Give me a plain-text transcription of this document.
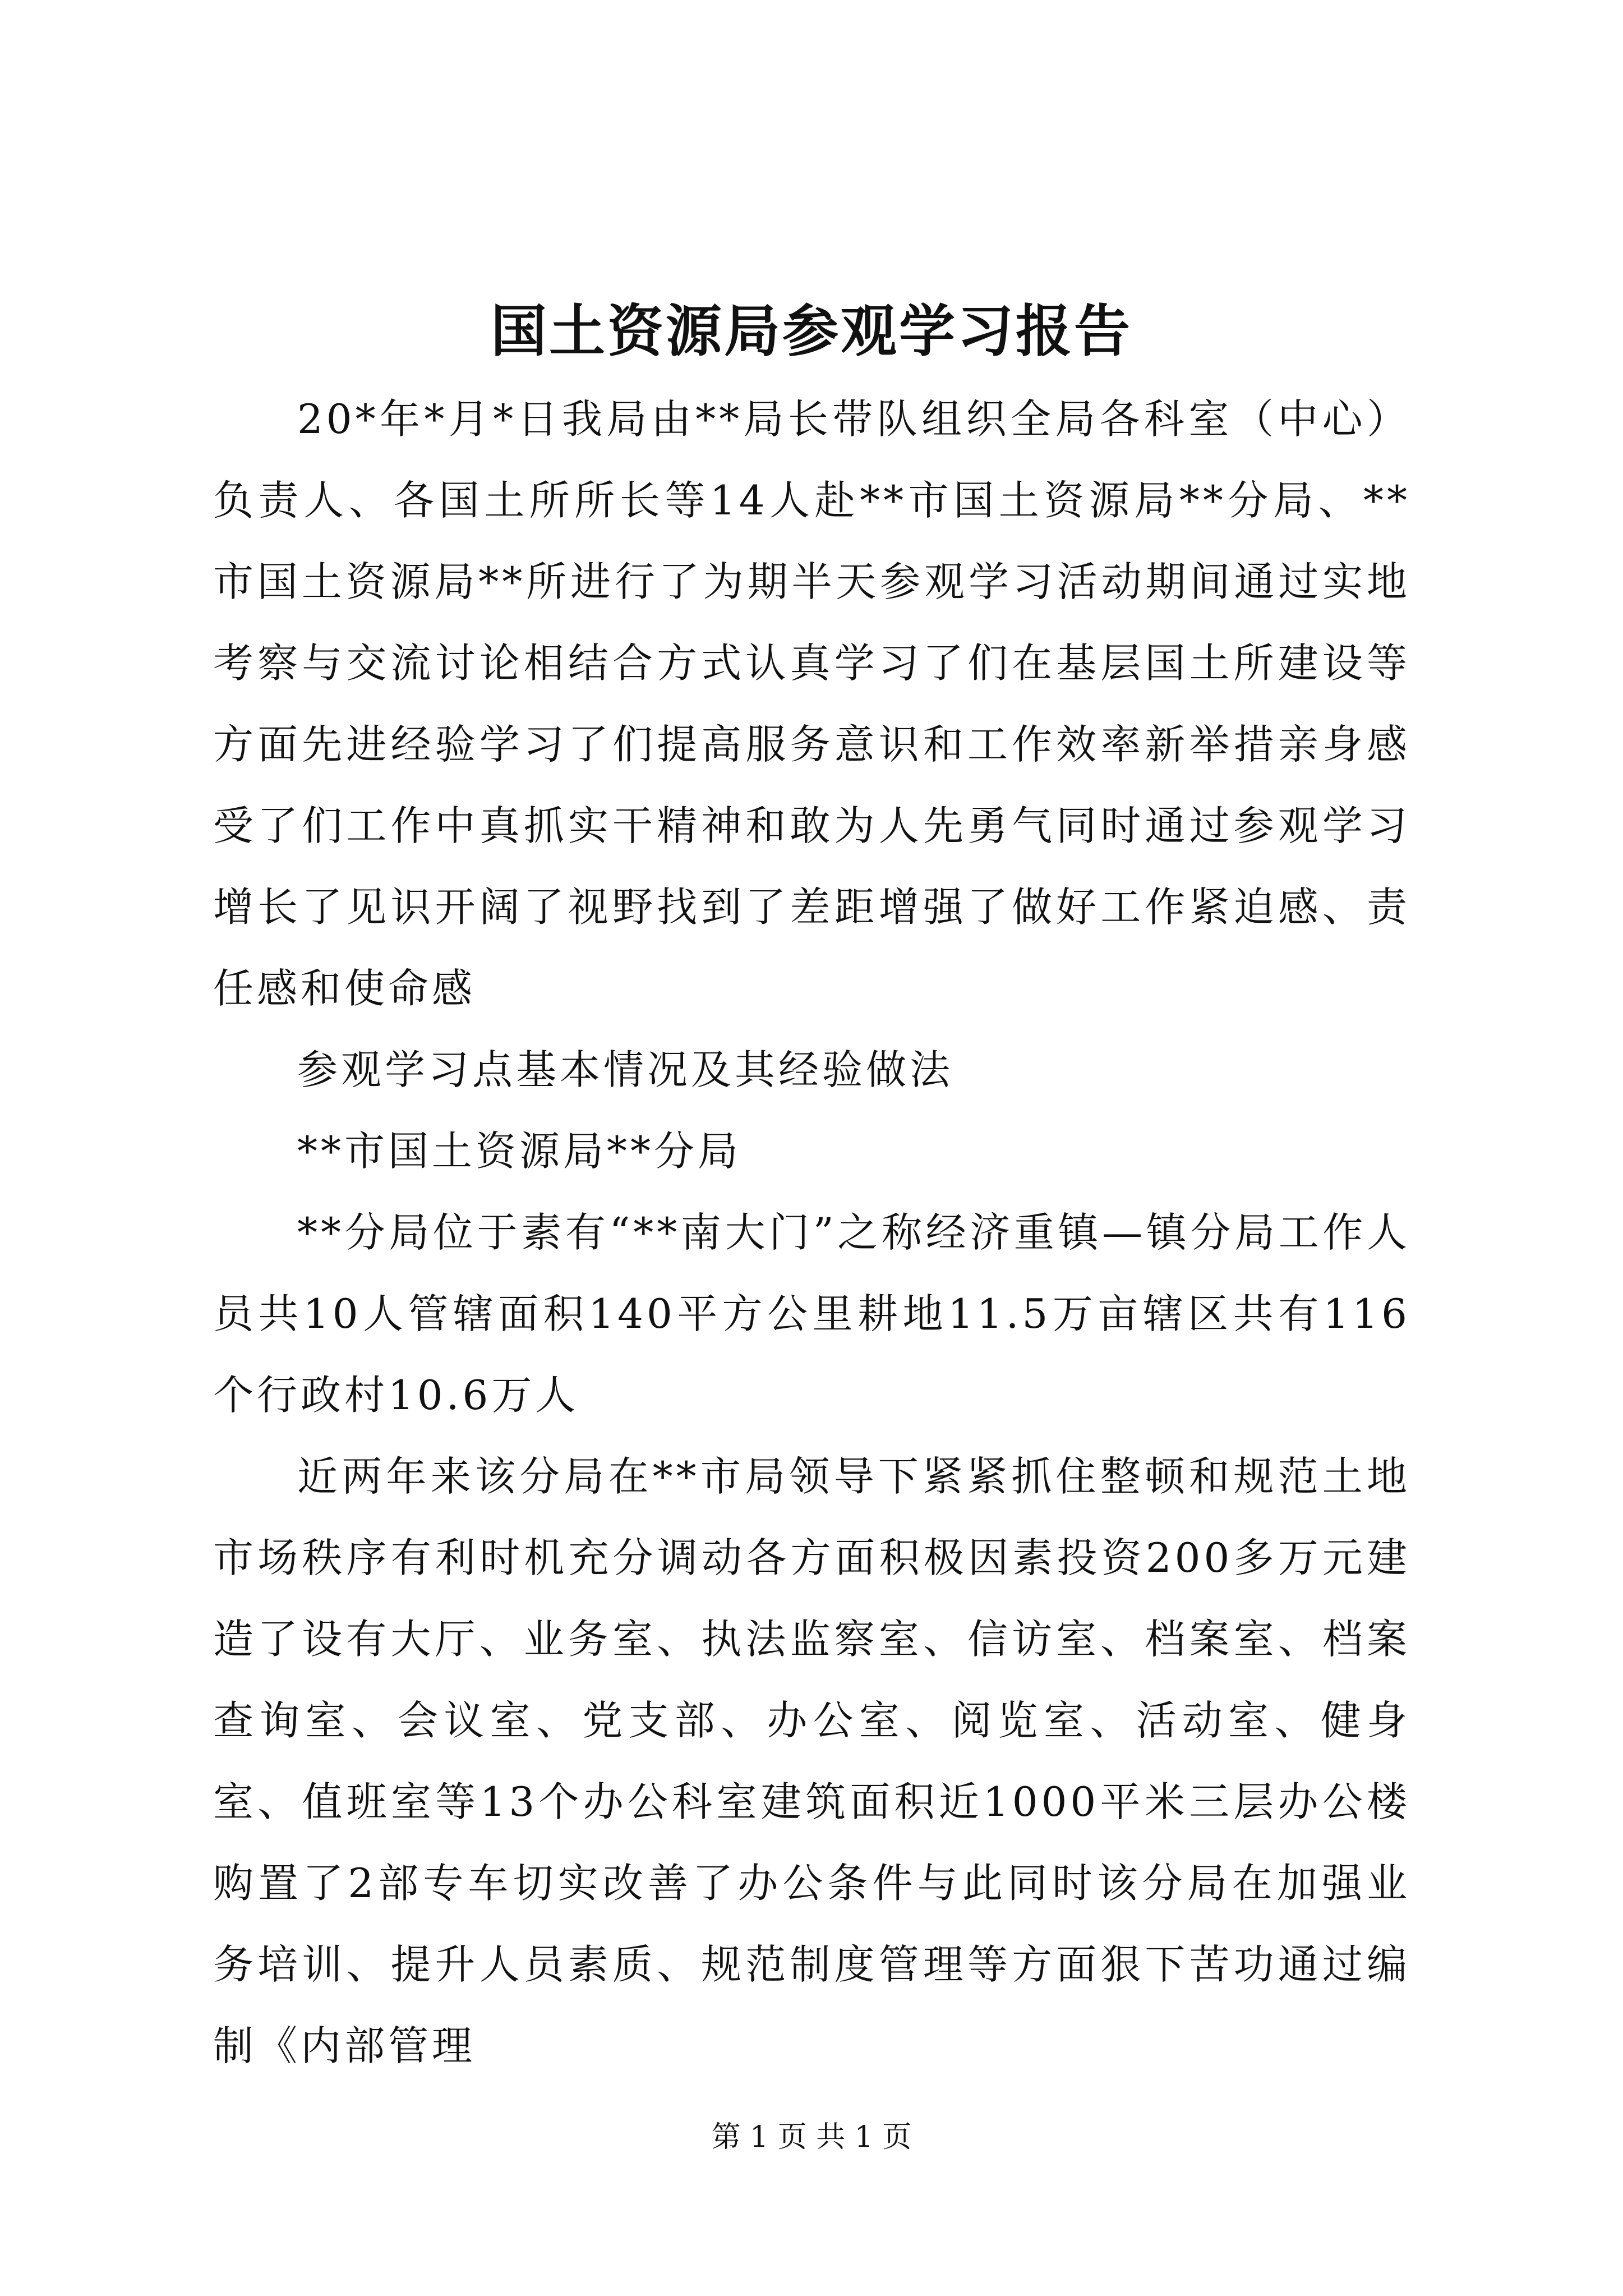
国土资源局参观学习报告

20*年*月*日我局由**局长带队组织全局各科室（中心）负责人、各国土所所长等14人赴**市国土资源局**分局、**市国土资源局**所进行了为期半天参观学习活动期间通过实地考察与交流讨论相结合方式认真学习了们在基层国土所建设等方面先进经验学习了们提高服务意识和工作效率新举措亲身感受了们工作中真抓实干精神和敢为人先勇气同时通过参观学习增长了见识开阔了视野找到了差距增强了做好工作紧迫感、责任感和使命感

参观学习点基本情况及其经验做法

**市国土资源局**分局

**分局位于素有“**南大门”之称经济重镇—镇分局工作人员共10人管辖面积140平方公里耕地11.5万亩辖区共有116个行政村10.6万人

近两年来该分局在**市局领导下紧紧抓住整顿和规范土地市场秩序有利时机充分调动各方面积极因素投资200多万元建造了设有大厅、业务室、执法监察室、信访室、档案室、档案查询室、会议室、党支部、办公室、阅览室、活动室、健身室、值班室等13个办公科室建筑面积近1000平米三层办公楼购置了2部专车切实改善了办公条件与此同时该分局在加强业务培训、提升人员素质、规范制度管理等方面狠下苦功通过编制《内部管理

第 1 页 共 1 页
